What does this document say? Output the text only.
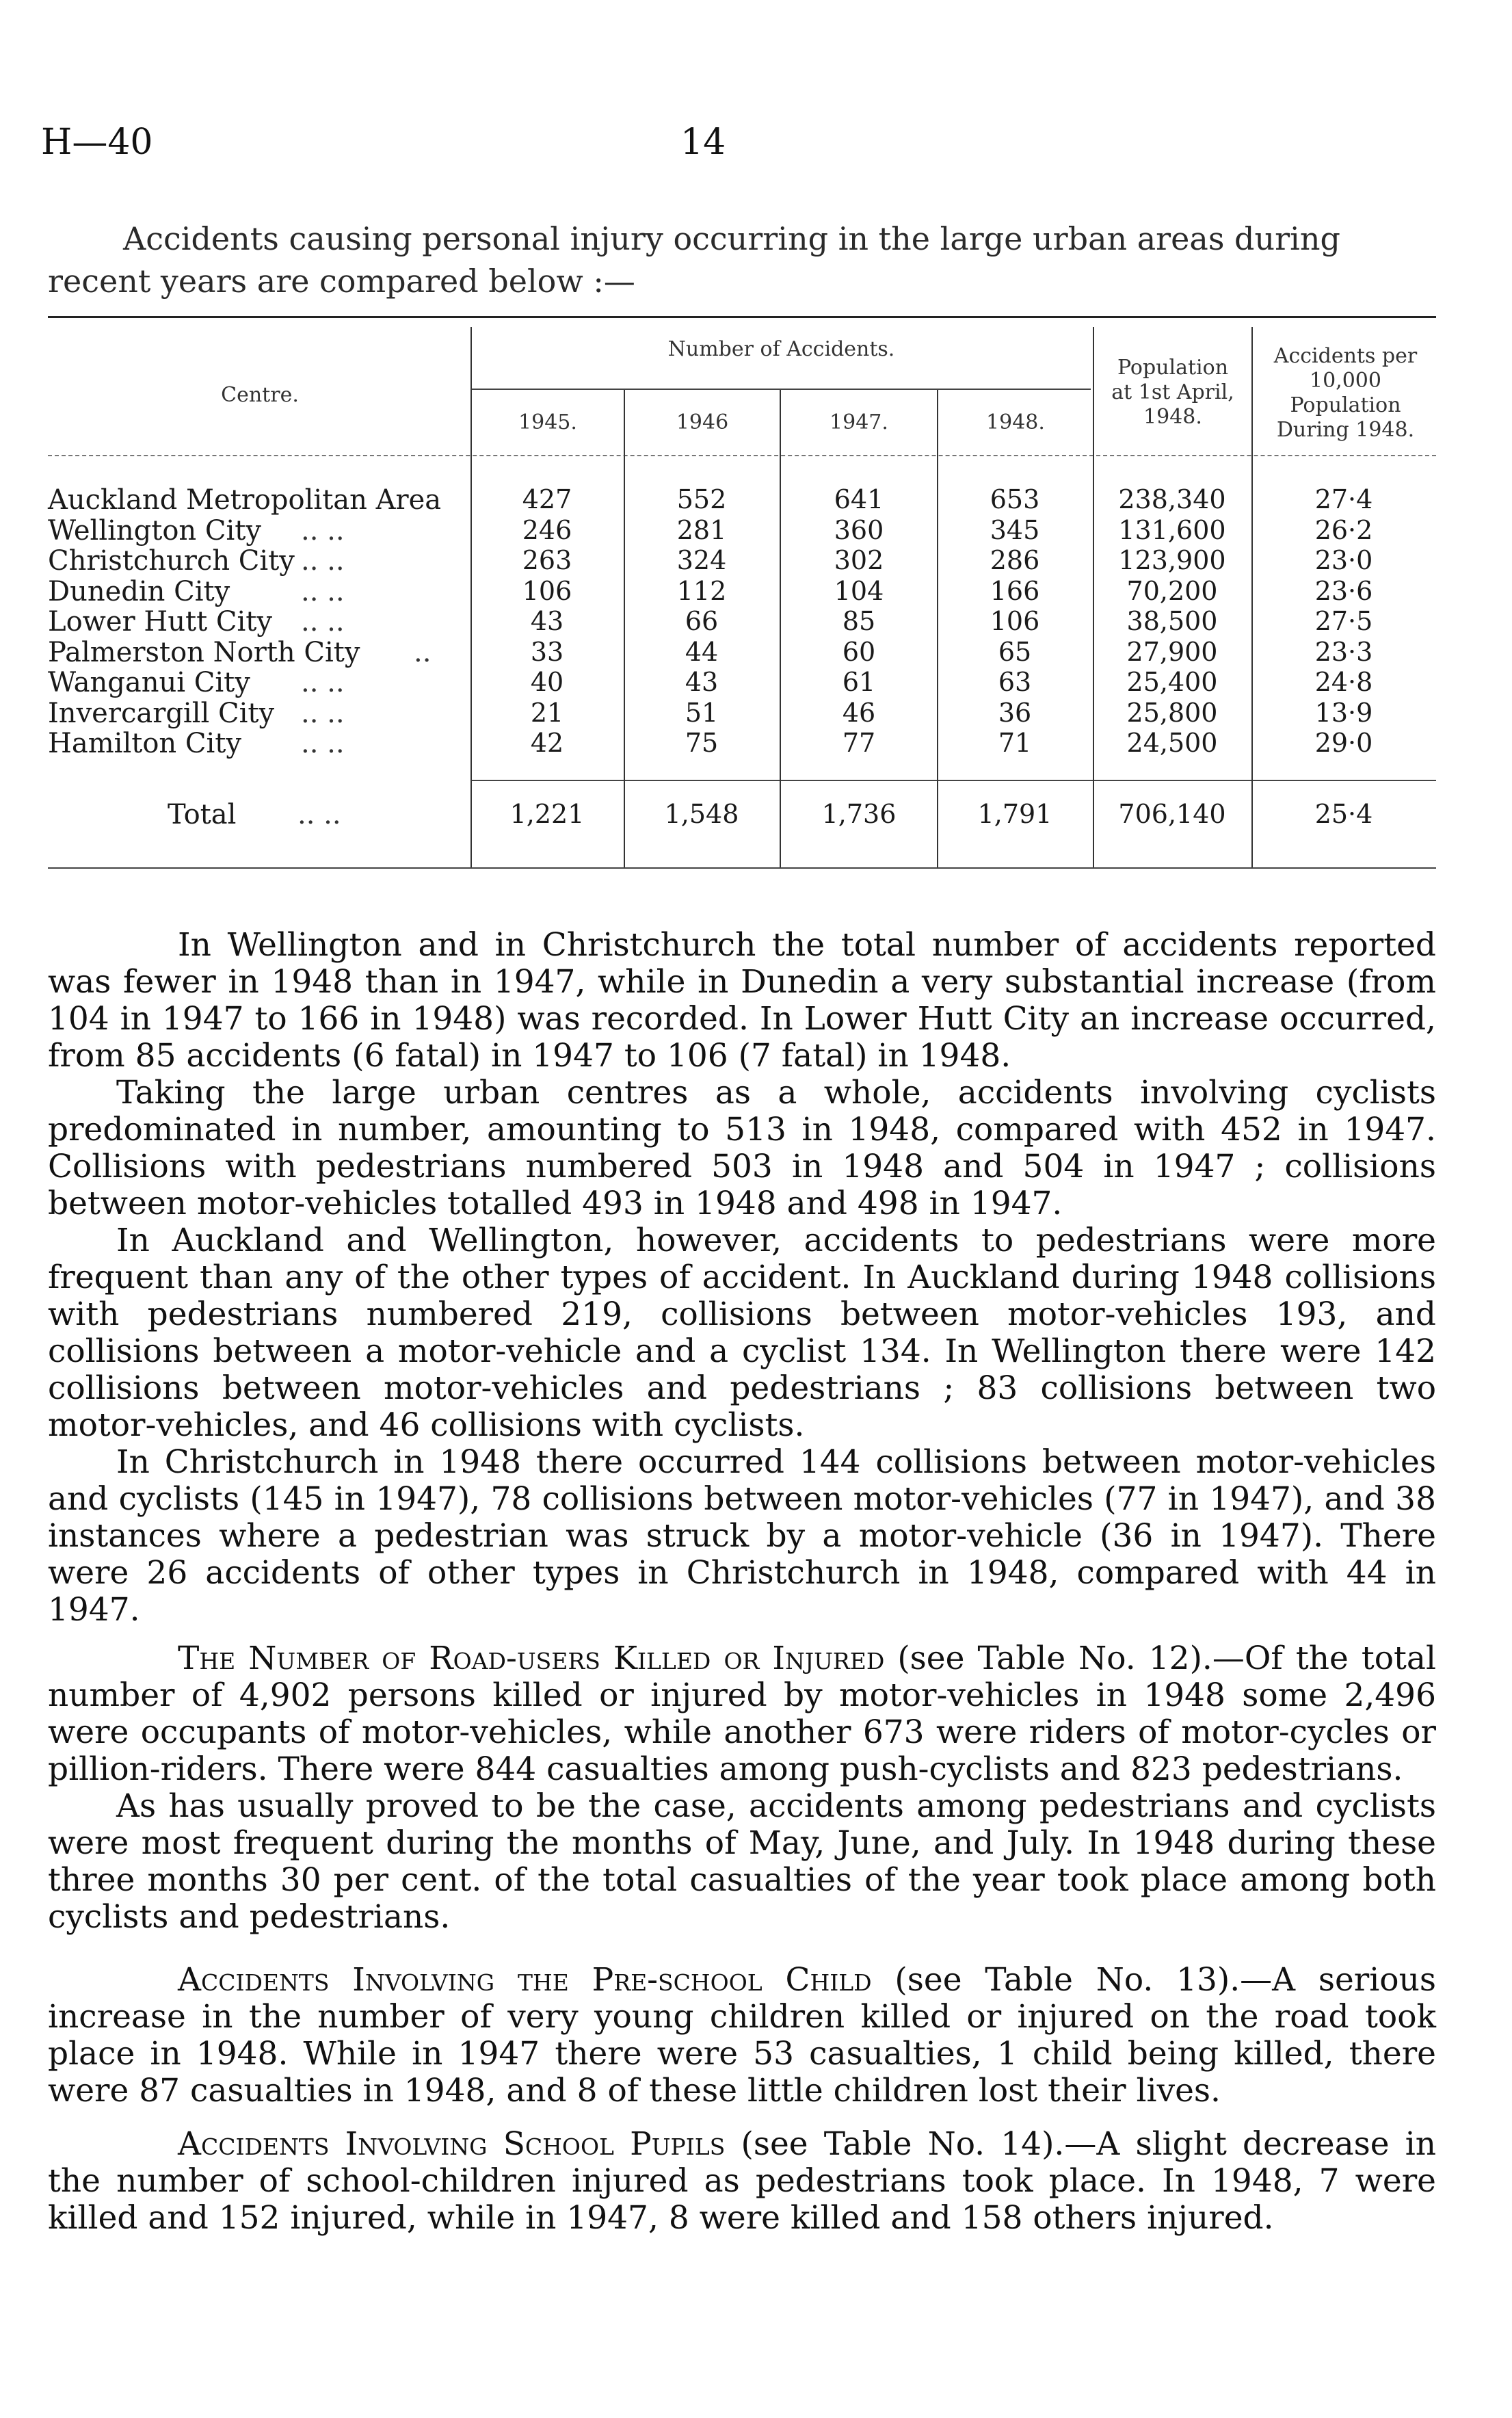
H—40	14

Accidents causing personal injury occurring in the large urban areas during recent years are compared below :—

Centre.
Number of Accidents.
1945.	1946	1947.	1948.
Population at 1st April, 1948.
Accidents per 10,000 Population During 1948.
Auckland Metropolitan Area	427	552	641	653	238,340	27·4
Wellington City .. ..	246	281	360	345	131,600	26·2
Christchurch City .. ..	263	324	302	286	123,900	23·0
Dunedin City	.. ..	106	112	104	166	70,200	23·6
Lower Hutt City .. ..	43	66	85	106	38,500	27·5
Palmerston North City ..	33	44	60	65	27,900	23·3
Wanganui City .. ..	40	43	61	63	25,400	24·8
Invercargill City .. ..	21	51	46	36	25,800	13·9
Hamilton City .. ..	42	75	77	71	24,500	29·0
Total .. ..	1,221	1,548	1,736	1,791	706,140	25·4

In Wellington and in Christchurch the total number of accidents reported was fewer in 1948 than in 1947, while in Dunedin a very substantial increase (from 104 in 1947 to 166 in 1948) was recorded. In Lower Hutt City an increase occurred, from 85 accidents (6 fatal) in 1947 to 106 (7 fatal) in 1948.

Taking the large urban centres as a whole, accidents involving cyclists predominated in number, amounting to 513 in 1948, compared with 452 in 1947. Collisions with pedestrians numbered 503 in 1948 and 504 in 1947 ; collisions between motor-vehicles totalled 493 in 1948 and 498 in 1947.

In Auckland and Wellington, however, accidents to pedestrians were more frequent than any of the other types of accident. In Auckland during 1948 collisions with pedestrians numbered 219, collisions between motor-vehicles 193, and collisions between a motor-vehicle and a cyclist 134. In Wellington there were 142 collisions between motor-vehicles and pedestrians ; 83 collisions between two motor-vehicles, and 46 collisions with cyclists.

In Christchurch in 1948 there occurred 144 collisions between motor-vehicles and cyclists (145 in 1947), 78 collisions between motor-vehicles (77 in 1947), and 38 instances where a pedestrian was struck by a motor-vehicle (36 in 1947). There were 26 accidents of other types in Christchurch in 1948, compared with 44 in 1947.

The Number of Road-users Killed or Injured (see Table No. 12).—Of the total number of 4,902 persons killed or injured by motor-vehicles in 1948 some 2,496 were occupants of motor-vehicles, while another 673 were riders of motor-cycles or pillion-riders. There were 844 casualties among push-cyclists and 823 pedestrians.

As has usually proved to be the case, accidents among pedestrians and cyclists were most frequent during the months of May, June, and July. In 1948 during these three months 30 per cent. of the total casualties of the year took place among both cyclists and pedestrians.

Accidents Involving the Pre-school Child (see Table No. 13).—A serious increase in the number of very young children killed or injured on the road took place in 1948. While in 1947 there were 53 casualties, 1 child being killed, there were 87 casualties in 1948, and 8 of these little children lost their lives.

Accidents Involving School Pupils (see Table No. 14).—A slight decrease in the number of school-children injured as pedestrians took place. In 1948, 7 were killed and 152 injured, while in 1947, 8 were killed and 158 others injured.
